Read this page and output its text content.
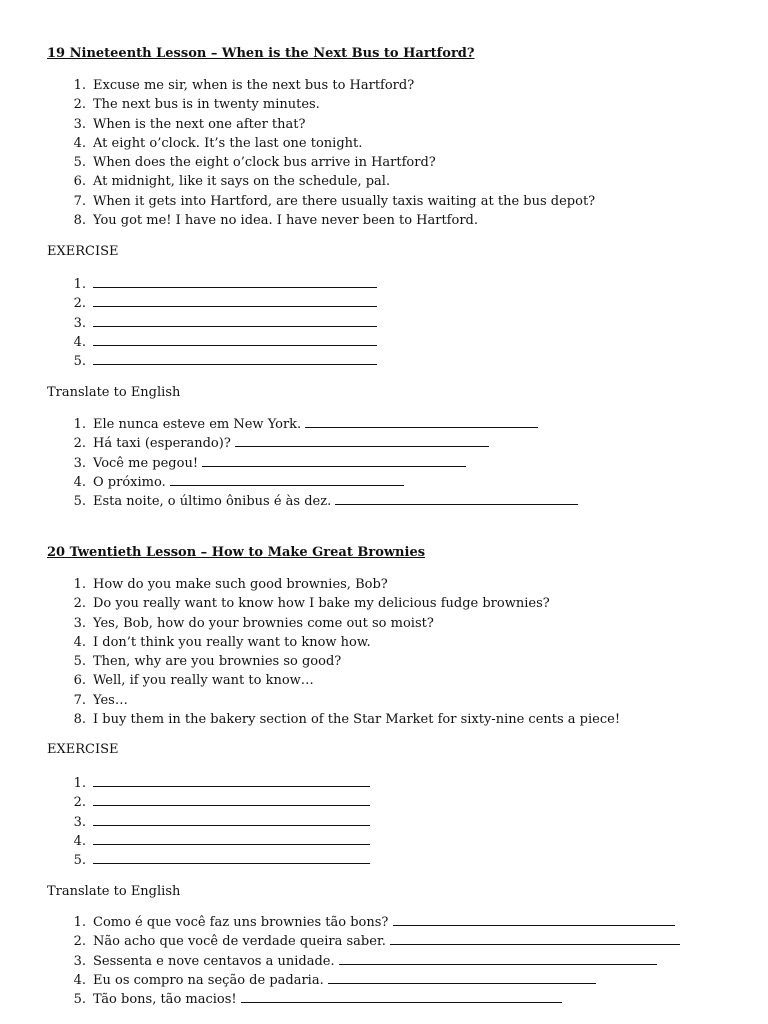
19 Nineteenth Lesson – When is the Next Bus to Hartford?
1. Excuse me sir, when is the next bus to Hartford?
2. The next bus is in twenty minutes.
3. When is the next one after that?
4. At eight o’clock. It’s the last one tonight.
5. When does the eight o’clock bus arrive in Hartford?
6. At midnight, like it says on the schedule, pal.
7. When it gets into Hartford, are there usually taxis waiting at the bus depot?
8. You got me! I have no idea. I have never been to Hartford.
EXERCISE
1.
2.
3.
4.
5.
Translate to English
1. Ele nunca esteve em New York.
2. Há taxi (esperando)?
3. Você me pegou!
4. O próximo.
5. Esta noite, o último ônibus é às dez.
20 Twentieth Lesson – How to Make Great Brownies
1. How do you make such good brownies, Bob?
2. Do you really want to know how I bake my delicious fudge brownies?
3. Yes, Bob, how do your brownies come out so moist?
4. I don’t think you really want to know how.
5. Then, why are you brownies so good?
6. Well, if you really want to know…
7. Yes…
8. I buy them in the bakery section of the Star Market for sixty-nine cents a piece!
EXERCISE
1.
2.
3.
4.
5.
Translate to English
1. Como é que você faz uns brownies tão bons?
2. Não acho que você de verdade queira saber.
3. Sessenta e nove centavos a unidade.
4. Eu os compro na seção de padaria.
5. Tão bons, tão macios!
